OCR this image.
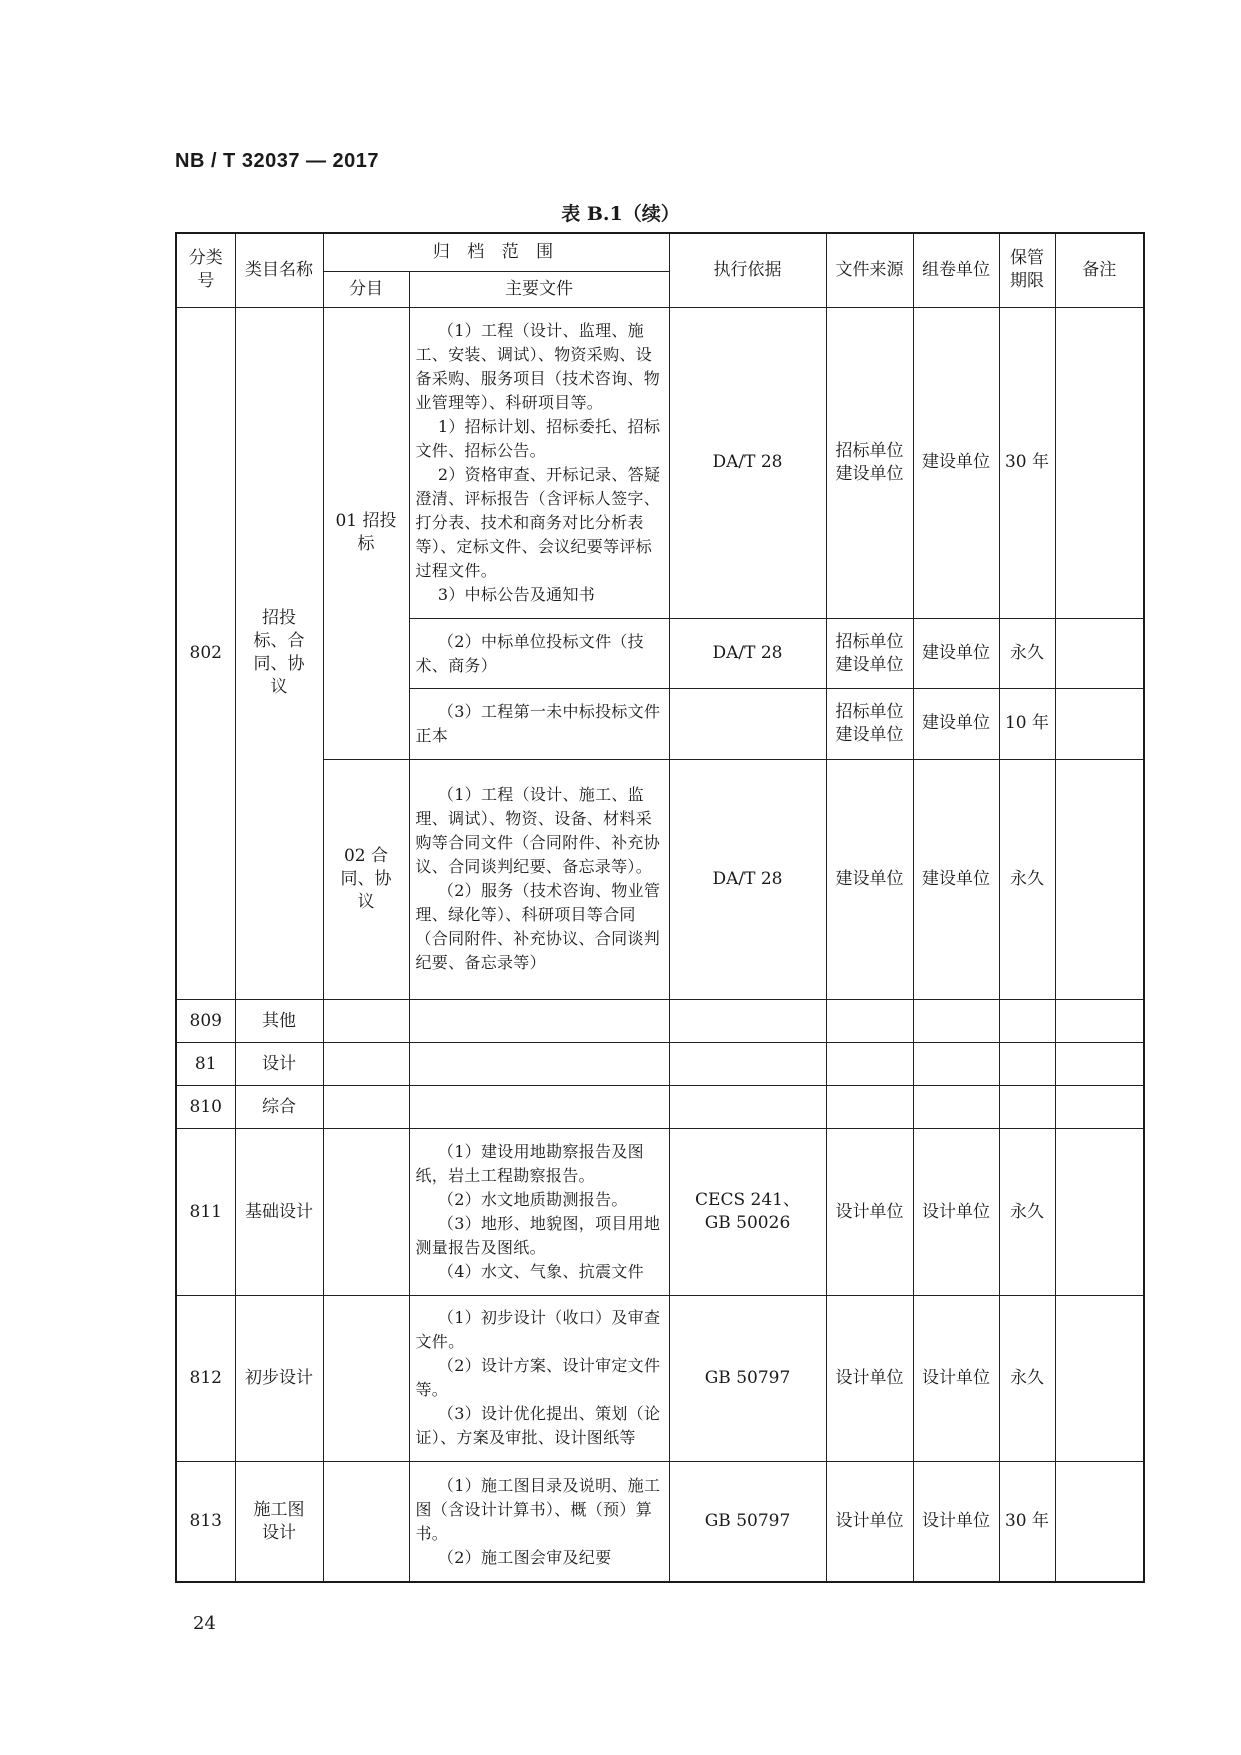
NB / T 32037 — 2017
表 B.1（续）
分类号	类目名称	归 档 范 围		执行依据	文件来源	组卷单位	保管期限	备注
		分目	主要文件					
802	招投标、合同、协议	01 招投标	（1）工程（设计、监理、施工、安装、调试）、物资采购、设备采购、服务项目（技术咨询、物业管理等）、科研项目等。
1）招标计划、招标委托、招标文件、招标公告。
2）资格审查、开标记录、答疑澄清、评标报告（含评标人签字、打分表、技术和商务对比分析表等）、定标文件、会议纪要等评标过程文件。
3）中标公告及通知书	DA/T 28	招标单位建设单位	建设单位	30 年	

			（2）中标单位投标文件（技术、商务）	DA/T 28	招标单位建设单位	建设单位	永久	

			（3）工程第一未中标投标文件正本		招标单位建设单位	建设单位	10 年	
		02 合同、协议	（1）工程（设计、施工、监理、调试）、物资、设备、材料采购等合同文件（合同附件、补充协议、合同谈判纪要、备忘录等）。
（2）服务（技术咨询、物业管理、绿化等）、科研项目等合同（合同附件、补充协议、合同谈判纪要、备忘录等）	DA/T 28	建设单位	建设单位	永久	
809	其他							
81	设计							
810	综合							
811	基础设计		（1）建设用地勘察报告及图纸，岩土工程勘察报告。
（2）水文地质勘测报告。
（3）地形、地貌图，项目用地测量报告及图纸。
（4）水文、气象、抗震文件	CECS 241、GB 50026	设计单位	设计单位	永久	
812	初步设计		（1）初步设计（收口）及审查文件。
（2）设计方案、设计审定文件等。
（3）设计优化提出、策划（论证）、方案及审批、设计图纸等	GB 50797	设计单位	设计单位	永久	
813	施工图设计		（1）施工图目录及说明、施工图（含设计计算书）、概（预）算书。
（2）施工图会审及纪要	GB 50797	设计单位	设计单位	30 年	
24
